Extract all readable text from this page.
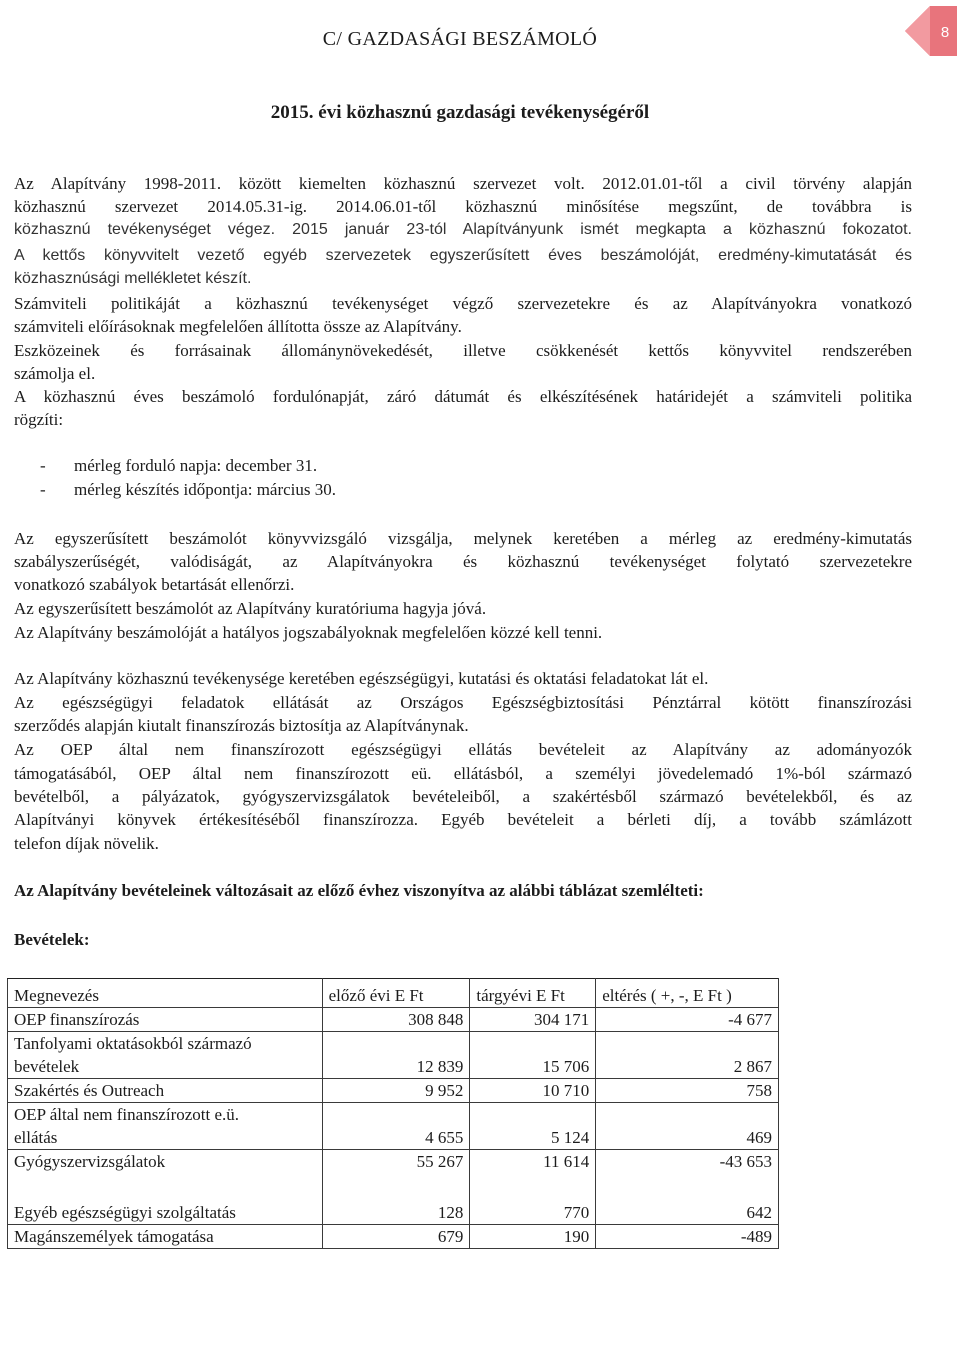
8
C/ GAZDASÁGI BESZÁMOLÓ
2015. évi közhasznú gazdasági tevékenységéről
Az Alapítvány 1998-2011. között kiemelten közhasznú szervezet volt. 2012.01.01-től a civil törvény alapján
közhasznú szervezet 2014.05.31-ig. 2014.06.01-től közhasznú minősítése megszűnt, de továbbra is
közhasznú tevékenységet végez. 2015 január 23-tól Alapítványunk ismét megkapta a közhasznú fokozatot.
A kettős könyvvitelt vezető egyéb szervezetek egyszerűsített éves beszámolóját, eredmény-kimutatását és
közhasznúsági mellékletet készít.
Számviteli politikáját a közhasznú tevékenységet végző szervezetekre és az Alapítványokra vonatkozó
számviteli előírásoknak megfelelően állította össze az Alapítvány.
Eszközeinek és forrásainak állománynövekedését, illetve csökkenését kettős könyvvitel rendszerében
számolja el.
A közhasznú éves beszámoló fordulónapját, záró dátumát és elkészítésének határidejét a számviteli politika
rögzíti:
- mérleg forduló napja: december 31.
- mérleg készítés időpontja: március 30.
Az egyszerűsített beszámolót könyvvizsgáló vizsgálja, melynek keretében a mérleg az eredmény-kimutatás
szabályszerűségét, valódiságát, az Alapítványokra és közhasznú tevékenységet folytató szervezetekre
vonatkozó szabályok betartását ellenőrzi.
Az egyszerűsített beszámolót az Alapítvány kuratóriuma hagyja jóvá.
Az Alapítvány beszámolóját a hatályos jogszabályoknak megfelelően közzé kell tenni.
Az Alapítvány közhasznú tevékenysége keretében egészségügyi, kutatási és oktatási feladatokat lát el.
Az egészségügyi feladatok ellátását az Országos Egészségbiztosítási Pénztárral kötött finanszírozási
szerződés alapján kiutalt finanszírozás biztosítja az Alapítványnak.
Az OEP által nem finanszírozott egészségügyi ellátás bevételeit az Alapítvány az adományozók
támogatásából, OEP által nem finanszírozott eü. ellátásból, a személyi jövedelemadó 1%-ból származó
bevételből, a pályázatok, gyógyszervizsgálatok bevételeiből, a szakértésből származó bevételekből, és az
Alapítványi könyvek értékesítéséből finanszírozza. Egyéb bevételeit a bérleti díj, a tovább számlázott
telefon díjak növelik.
Az Alapítvány bevételeinek változásait az előző évhez viszonyítva az alábbi táblázat szemlélteti:
Bevételek:
Megnevezés	előző évi E Ft	tárgyévi E Ft	eltérés ( +, -, E Ft )
OEP finanszírozás	308 848	304 171	-4 677
Tanfolyami oktatásokból származó			
bevételek	12 839	15 706	2 867
Szakértés és Outreach	9 952	10 710	758
OEP által nem finanszírozott e.ü.			
ellátás	4 655	5 124	469
Gyógyszervizsgálatok	55 267	11 614	-43 653

Egyéb egészségügyi szolgáltatás	128	770	642
Magánszemélyek támogatása	679	190	-489
